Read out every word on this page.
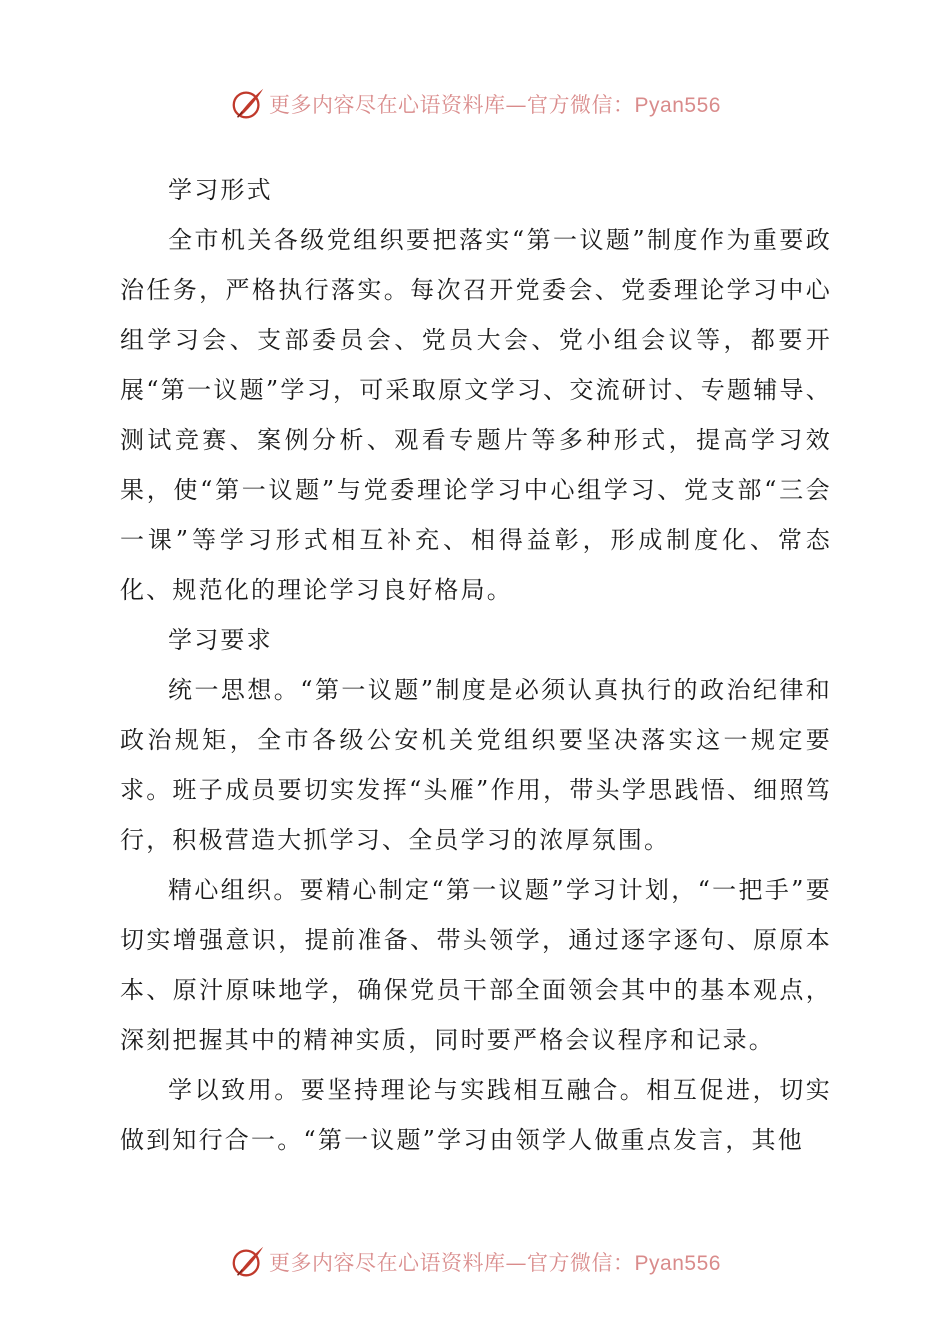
更多内容尽在心语资料库—官方微信：Pyan556

学习形式

全市机关各级党组织要把落实“第一议题”制度作为重要政治任务，严格执行落实。每次召开党委会、党委理论学习中心组学习会、支部委员会、党员大会、党小组会议等，都要开展“第一议题”学习，可采取原文学习、交流研讨、专题辅导、测试竞赛、案例分析、观看专题片等多种形式，提高学习效果，使“第一议题”与党委理论学习中心组学习、党支部“三会一课”等学习形式相互补充、相得益彰，形成制度化、常态化、规范化的理论学习良好格局。

学习要求

统一思想。“第一议题”制度是必须认真执行的政治纪律和政治规矩，全市各级公安机关党组织要坚决落实这一规定要求。班子成员要切实发挥“头雁”作用，带头学思践悟、细照笃行，积极营造大抓学习、全员学习的浓厚氛围。

精心组织。要精心制定“第一议题”学习计划，“一把手”要切实增强意识，提前准备、带头领学，通过逐字逐句、原原本本、原汁原味地学，确保党员干部全面领会其中的基本观点，深刻把握其中的精神实质，同时要严格会议程序和记录。

学以致用。要坚持理论与实践相互融合。相互促进，切实做到知行合一。“第一议题”学习由领学人做重点发言，其他

更多内容尽在心语资料库—官方微信：Pyan556
